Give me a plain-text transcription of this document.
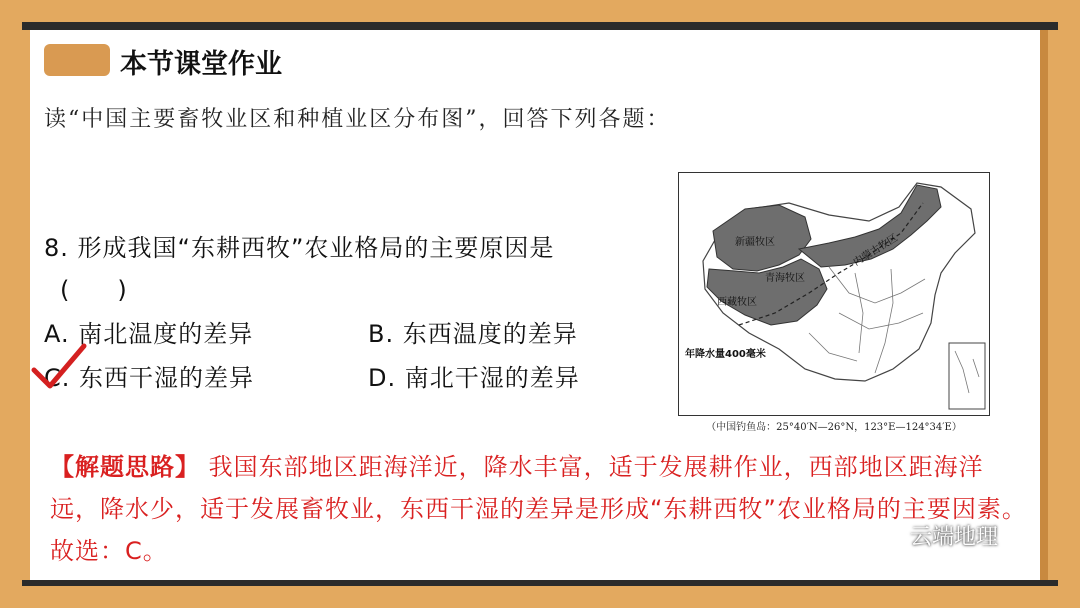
本节课堂作业
读“中国主要畜牧业区和种植业区分布图”，回答下列各题：
8. 形成我国“东耕西牧”农业格局的主要原因是
(　　)
A. 南北温度的差异	B. 东西温度的差异
C. 东西干湿的差异	D. 南北干湿的差异
新疆牧区
青海牧区
西藏牧区
内蒙古牧区
年降水量400毫米
（中国钓鱼岛：25°40′N—26°N，123°E—124°34′E）
【解题思路】 我国东部地区距海洋近，降水丰富，适于发展耕作业，西部地区距海洋远，降水少，适于发展畜牧业，东西干湿的差异是形成“东耕西牧”农业格局的主要因素。故选：C。	云端地理
